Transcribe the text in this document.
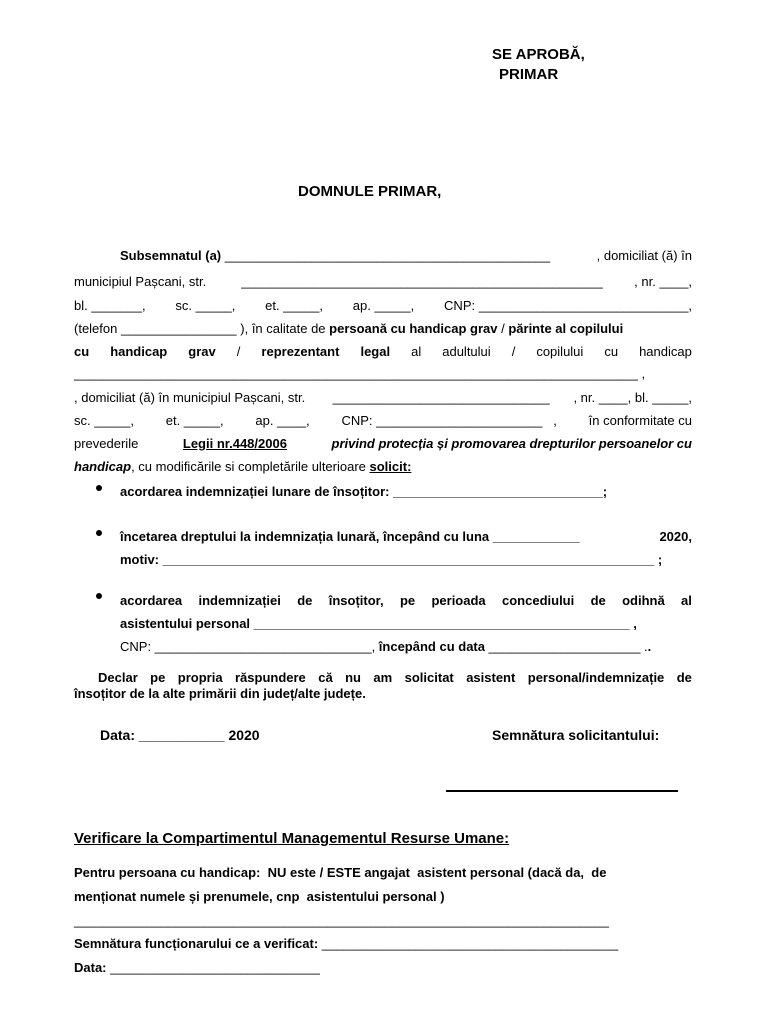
SE APROBĂ,
PRIMAR
DOMNULE PRIMAR,
Subsemnatul (a) _____________________________________________	, domiciliat (ă) în
municipiul Pașcani, str. __________________________________________________ , nr. ____,
bl. _______, sc. _____, et. _____, ap. _____, CNP: _____________________________,
(telefon ________________ ), în calitate de persoană cu handicap grav / părinte al copilului
cu handicap grav / reprezentant legal al adultului / copilului cu handicap
______________________________________________________________________________ ,
, domiciliat (ă) în municipiul Pașcani, str. ______________________________ , nr. ____, bl. _____,
sc. _____, et. _____, ap. ____, CNP: _______________________   , în conformitate cu
prevederile	Legii nr.448/2006	privind protecția și promovarea drepturilor persoanelor cu
handicap , cu modificările si completările ulterioare solicit:
acordarea indemnizației lunare de însoțitor: _____________________________;
încetarea dreptului la indemnizația lunară, începând cu luna ____________	2020,
motiv: ____________________________________________________________________ ;
acordarea indemnizației de însoțitor, pe perioada concediului de odihnă al
asistentului personal ____________________________________________________ ,
CNP: ______________________________, începând cu data _____________________ . .
Declar pe propria răspundere că nu am solicitat asistent personal/indemnizație de
însoțitor de la alte primării din județ/alte județe.
Data: ___________ 2020	Semnătura solicitantului:
Verificare la Compartimentul Managementul Resurse Umane:
Pentru persoana cu handicap:  NU este / ESTE angajat  asistent personal (dacă da,  de
menționat numele și prenumele, cnp  asistentului personal )
__________________________________________________________________________
Semnătura funcționarului ce a verificat: _________________________________________
Data: _____________________________
